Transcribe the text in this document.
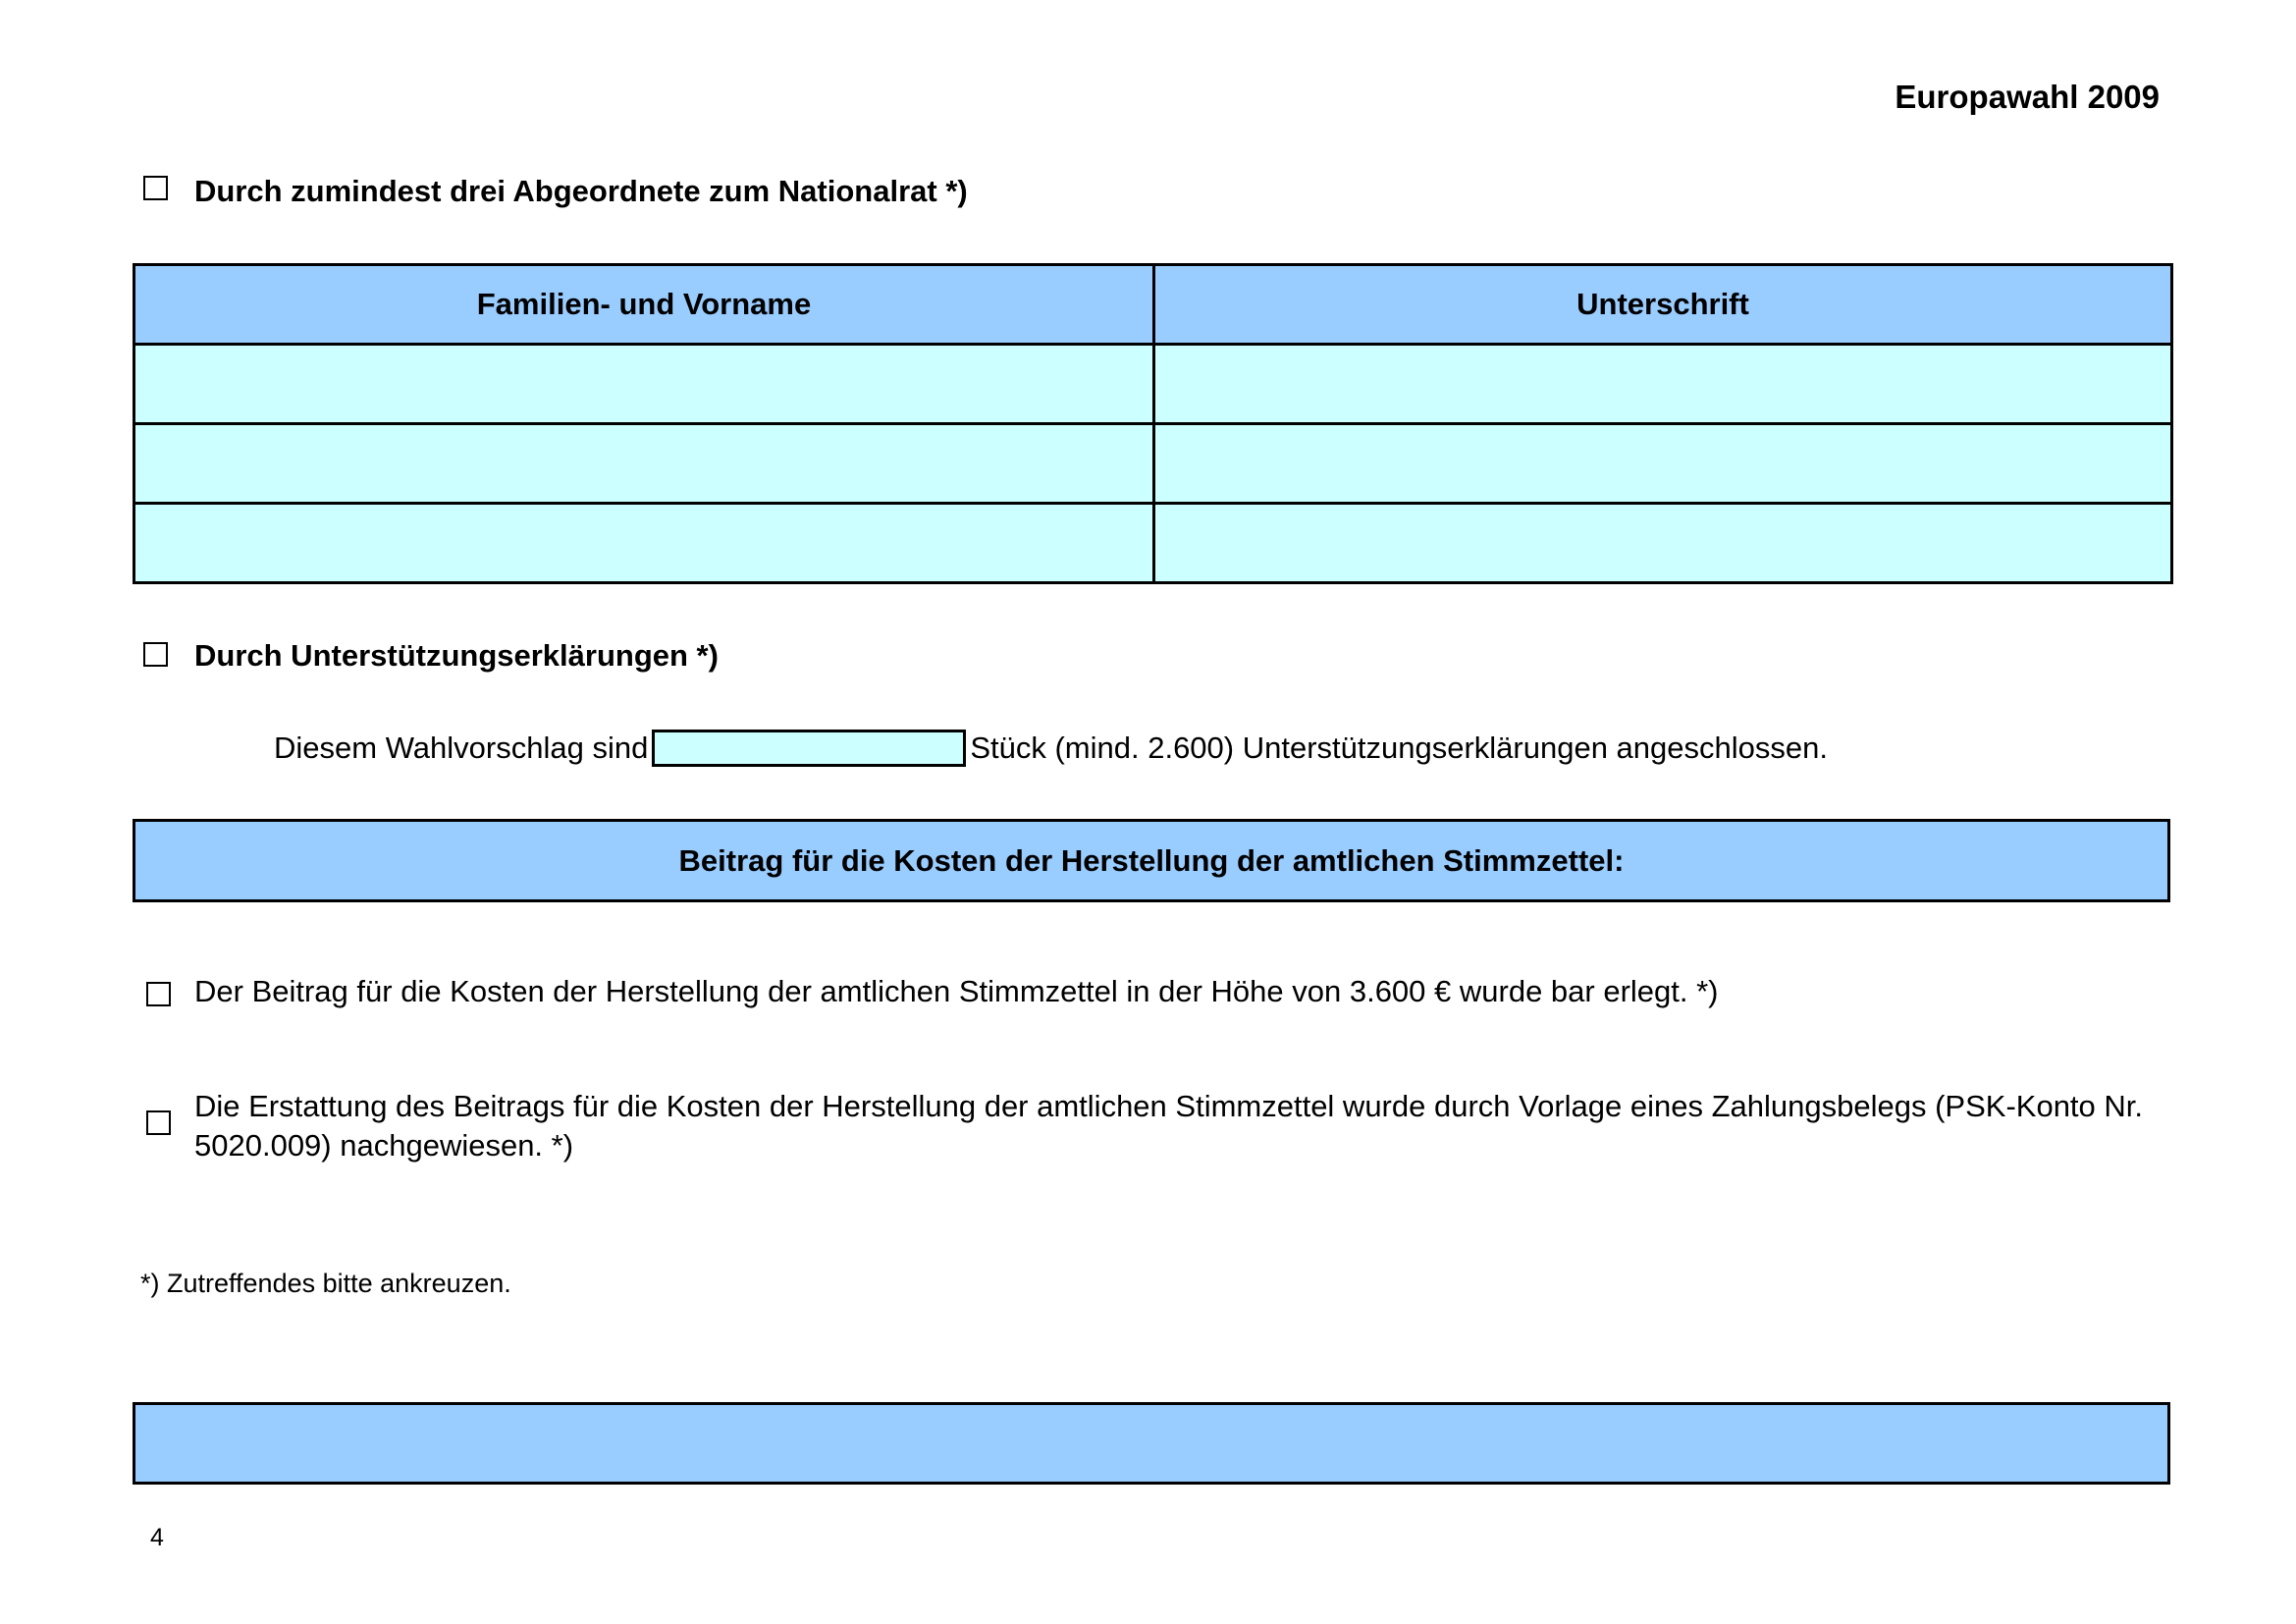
Europawahl 2009
Durch zumindest drei Abgeordnete zum Nationalrat *)
Familien- und Vorname	Unterschrift

Durch Unterstützungserklärungen *)
Diesem Wahlvorschlag sind	Stück (mind. 2.600) Unterstützungserklärungen angeschlossen.
Beitrag für die Kosten der Herstellung der amtlichen Stimmzettel:
Der Beitrag für die Kosten der Herstellung der amtlichen Stimmzettel in der Höhe von 3.600 € wurde bar erlegt. *)
Die Erstattung des Beitrags für die Kosten der Herstellung der amtlichen Stimmzettel wurde durch Vorlage eines Zahlungsbelegs (PSK-Konto Nr. 5020.009) nachgewiesen. *)
*) Zutreffendes bitte ankreuzen.
4
